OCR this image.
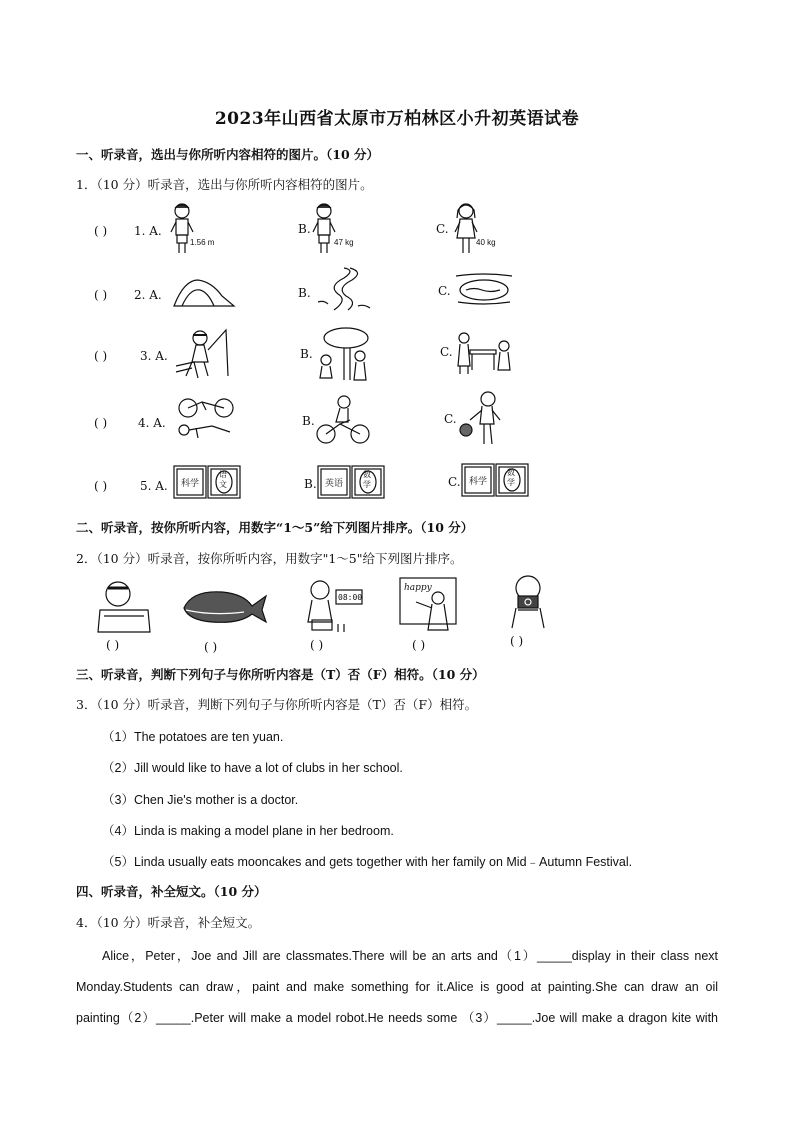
2023年山西省太原市万柏林区小升初英语试卷
一、听录音，选出与你所听内容相符的图片。（10 分）
1．（10 分）听录音，选出与你所听内容相符的图片。
( ) 1. A.
1.56 m
B.
47 kg
C.
40 kg
( ) 2. A.	B.	C.
( )	3. A.	B.	C.
( )	4. A.	B.	C.
( )	5. A. 科学
语文	B. 英语
数学	C. 科学
数学
二、听录音，按你所听内容，用数字“1～5”给下列图片排序。（10 分）
2．（10 分）听录音，按你所听内容，用数字"1～5"给下列图片排序。
08:00
happy
( )	( )	( )	( )	( )
三、听录音，判断下列句子与你所听内容是（T）否（F）相符。（10 分）
3．（10 分）听录音，判断下列句子与你所听内容是（T）否（F）相符。
（1）The potatoes are ten yuan.
（2）Jill would like to have a lot of clubs in her school.
（3）Chen Jie's mother is a doctor.
（4）Linda is making a model plane in her bedroom.
（5）Linda usually eats mooncakes and gets together with her family on Mid﹣Autumn Festival.
四、听录音，补全短文。（10 分）
4．（10 分）听录音，补全短文。
Alice，Peter，Joe and Jill are classmates.There will be an arts and（1）_____display in their class next
Monday.Students can draw，paint and make something for it.Alice is good at painting.She can draw an oil
painting（2）_____.Peter will make a model robot.He needs some （3）_____.Joe will make a dragon kite with
